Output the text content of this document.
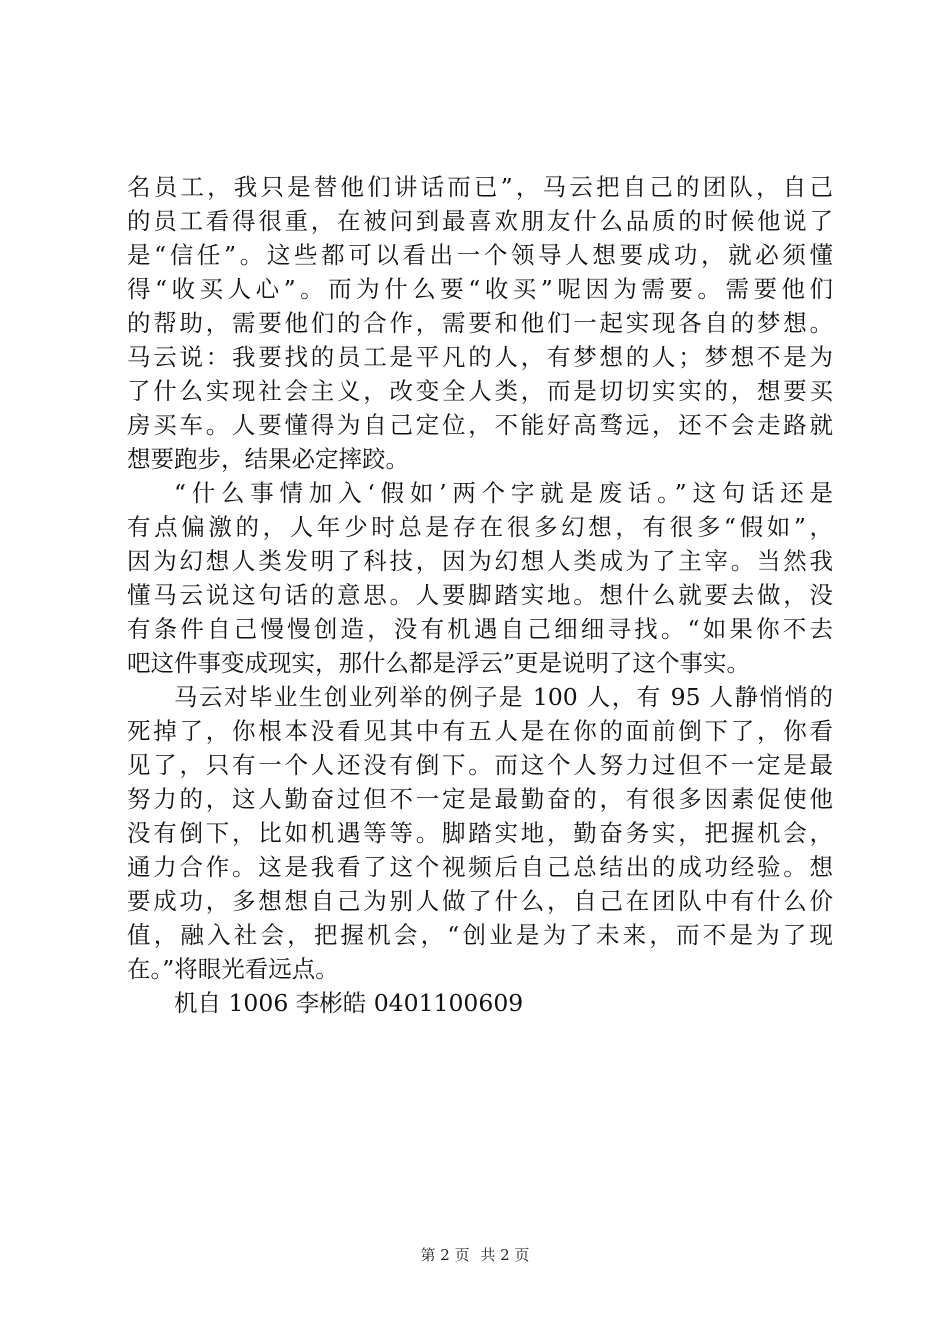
名员工，我只是替他们讲话而已”，马云把自己的团队，自己
的员工看得很重，在被问到最喜欢朋友什么品质的时候他说了
是“信任”。这些都可以看出一个领导人想要成功，就必须懂
得“收买人心”。而为什么要“收买”呢因为需要。需要他们
的帮助，需要他们的合作，需要和他们一起实现各自的梦想。
马云说：我要找的员工是平凡的人，有梦想的人；梦想不是为
了什么实现社会主义，改变全人类，而是切切实实的，想要买
房买车。人要懂得为自己定位，不能好高骛远，还不会走路就
想要跑步，结果必定摔跤。
“什么事情加入‘假如’两个字就是废话。”这句话还是
有点偏激的，人年少时总是存在很多幻想，有很多“假如”，
因为幻想人类发明了科技，因为幻想人类成为了主宰。当然我
懂马云说这句话的意思。人要脚踏实地。想什么就要去做，没
有条件自己慢慢创造，没有机遇自己细细寻找。“如果你不去
吧这件事变成现实，那什么都是浮云”更是说明了这个事实。
马云对毕业生创业列举的例子是 100 人，有 95 人静悄悄的
死掉了，你根本没看见其中有五人是在你的面前倒下了，你看
见了，只有一个人还没有倒下。而这个人努力过但不一定是最
努力的，这人勤奋过但不一定是最勤奋的，有很多因素促使他
没有倒下，比如机遇等等。脚踏实地，勤奋务实，把握机会，
通力合作。这是我看了这个视频后自己总结出的成功经验。想
要成功，多想想自己为别人做了什么，自己在团队中有什么价
值，融入社会，把握机会，“创业是为了未来，而不是为了现
在。”将眼光看远点。
机自 1006 李彬皓 0401100609
第 2 页 共 2 页
